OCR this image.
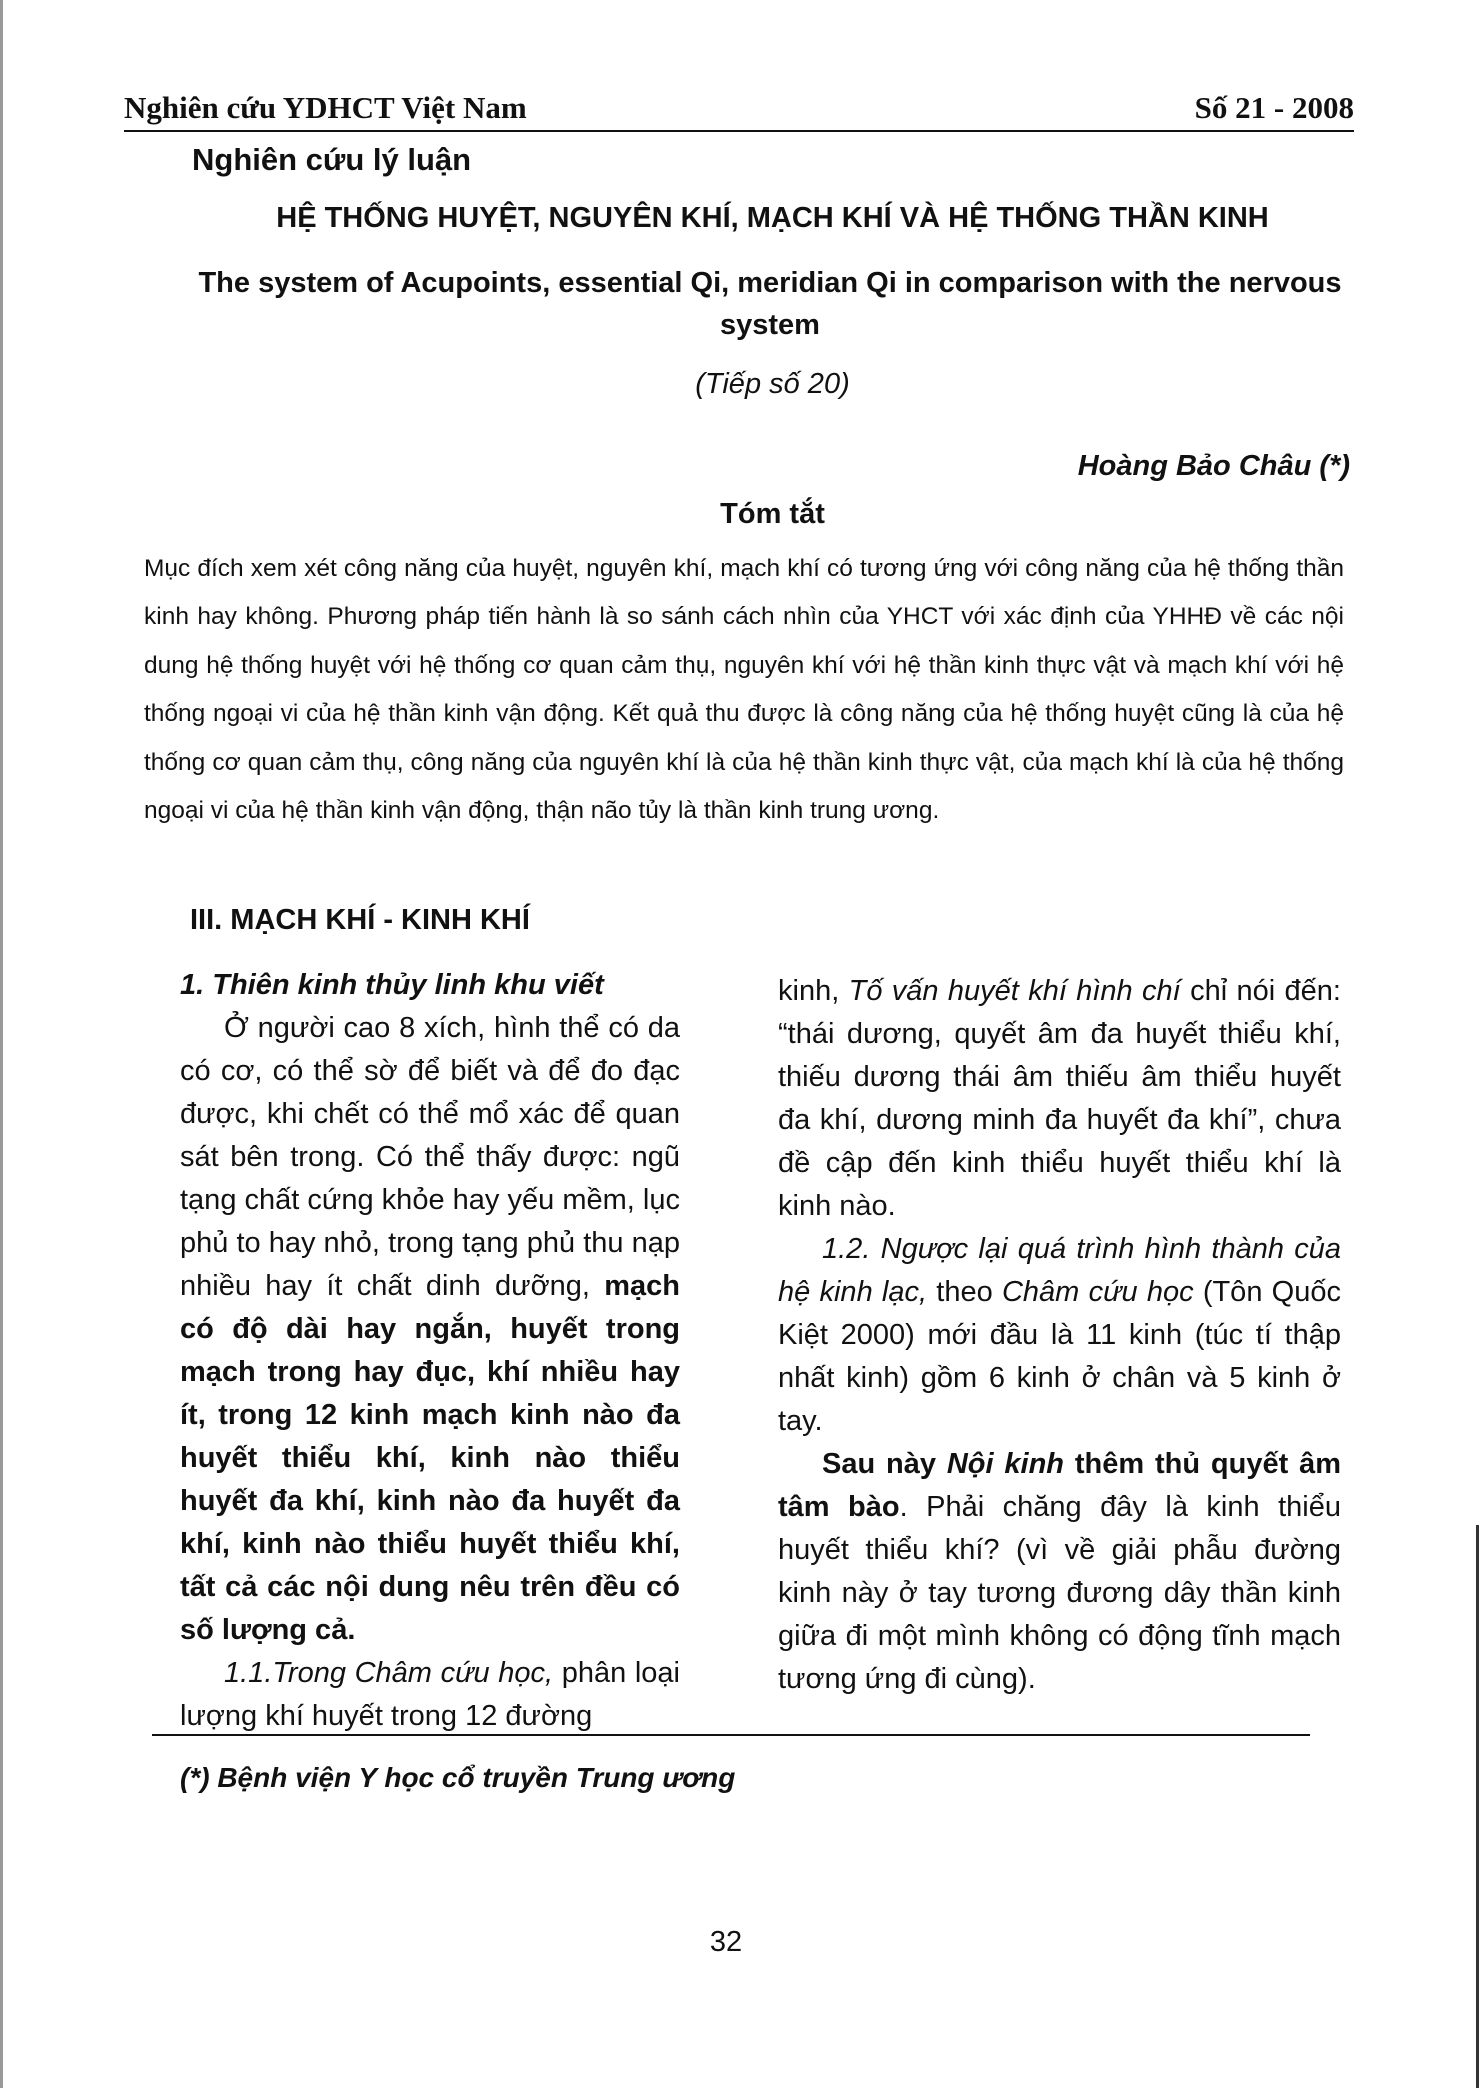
Nghiên cứu YDHCT Việt Nam	Số 21 - 2008
Nghiên cứu lý luận
HỆ THỐNG HUYỆT, NGUYÊN KHÍ, MẠCH KHÍ VÀ HỆ THỐNG THẦN KINH
The system of Acupoints, essential Qi, meridian Qi in comparison with the nervous system
(Tiếp số 20)
Hoàng Bảo Châu (*)
Tóm tắt
Mục đích xem xét công năng của huyệt, nguyên khí, mạch khí có tương ứng với công năng của hệ thống thần kinh hay không. Phương pháp tiến hành là so sánh cách nhìn của YHCT với xác định của YHHĐ về các nội dung hệ thống huyệt với hệ thống cơ quan cảm thụ, nguyên khí với hệ thần kinh thực vật và mạch khí với hệ thống ngoại vi của hệ thần kinh vận động. Kết quả thu được là công năng của hệ thống huyệt cũng là của hệ thống cơ quan cảm thụ, công năng của nguyên khí là của hệ thần kinh thực vật, của mạch khí là của hệ thống ngoại vi của hệ thần kinh vận động, thận não tủy là thần kinh trung ương.
III. MẠCH KHÍ - KINH KHÍ

1. Thiên kinh thủy linh khu viết

Ở người cao 8 xích, hình thể có da có cơ, có thể sờ để biết và để đo đạc được, khi chết có thể mổ xác để quan sát bên trong. Có thể thấy được: ngũ tạng chất cứng khỏe hay yếu mềm, lục phủ to hay nhỏ, trong tạng phủ thu nạp nhiều hay ít chất dinh dưỡng, mạch có độ dài hay ngắn, huyết trong mạch trong hay đục, khí nhiều hay ít, trong 12 kinh mạch kinh nào đa huyết thiểu khí, kinh nào thiểu huyết đa khí, kinh nào đa huyết đa khí, kinh nào thiểu huyết thiểu khí, tất cả các nội dung nêu trên đều có số lượng cả.

1.1.Trong Châm cứu học, phân loại lượng khí huyết trong 12 đường

kinh, Tố vấn huyết khí hình chí chỉ nói đến: “thái dương, quyết âm đa huyết thiểu khí, thiếu dương thái âm thiếu âm thiểu huyết đa khí, dương minh đa huyết đa khí”, chưa đề cập đến kinh thiểu huyết thiểu khí là kinh nào.

1.2. Ngược lại quá trình hình thành của hệ kinh lạc, theo Châm cứu học (Tôn Quốc Kiệt 2000) mới đầu là 11 kinh (túc tí thập nhất kinh) gồm 6 kinh ở chân và 5 kinh ở tay.

Sau này Nội kinh thêm thủ quyết âm tâm bào. Phải chăng đây là kinh thiểu huyết thiểu khí? (vì về giải phẫu đường kinh này ở tay tương đương dây thần kinh giữa đi một mình không có động tĩnh mạch tương ứng đi cùng).

(*) Bệnh viện Y học cổ truyền Trung ương
32
